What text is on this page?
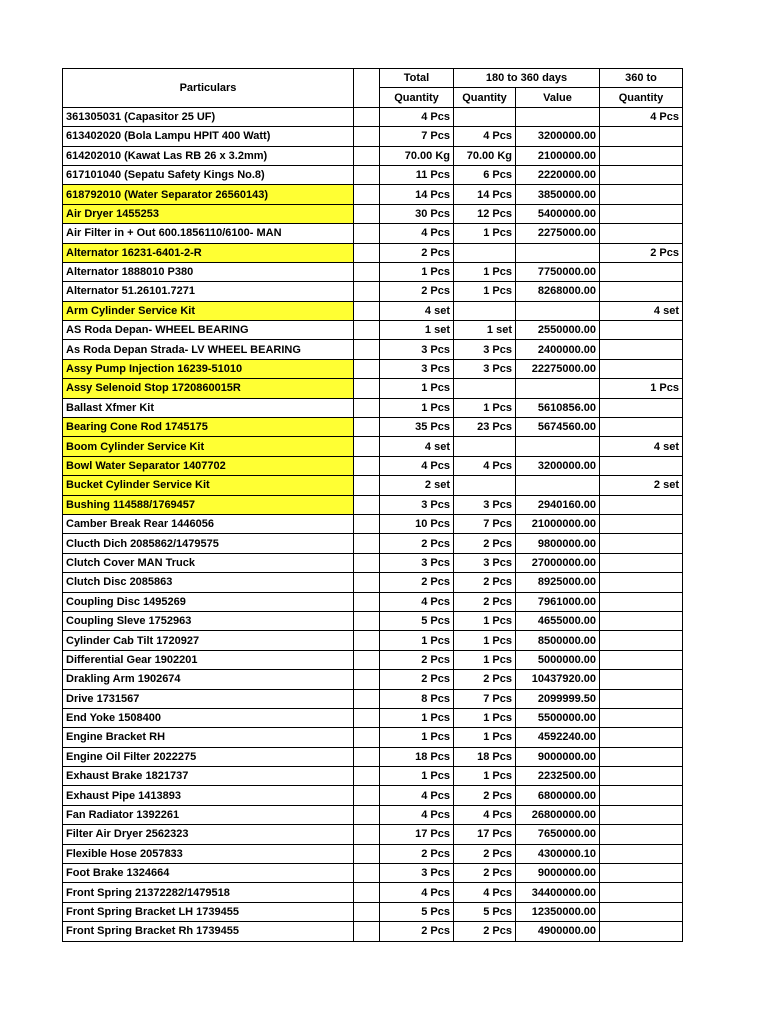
Particulars		Total	180 to 360 days		360 to
		Quantity	Quantity	Value	Quantity
361305031 (Capasitor 25 UF)		4 Pcs			4 Pcs
613402020 (Bola Lampu HPIT 400 Watt)		7 Pcs	4 Pcs	3200000.00	
614202010 (Kawat Las RB 26 x 3.2mm)		70.00 Kg	70.00 Kg	2100000.00	
617101040 (Sepatu Safety Kings No.8)		11 Pcs	6 Pcs	2220000.00	
618792010 (Water Separator 26560143)		14 Pcs	14 Pcs	3850000.00	
Air Dryer 1455253		30 Pcs	12 Pcs	5400000.00	
Air Filter in + Out 600.1856110/6100- MAN		4 Pcs	1 Pcs	2275000.00	
Alternator 16231-6401-2-R		2 Pcs			2 Pcs
Alternator 1888010 P380		1 Pcs	1 Pcs	7750000.00	
Alternator 51.26101.7271		2 Pcs	1 Pcs	8268000.00	
Arm Cylinder Service Kit		4 set			4 set
AS Roda Depan- WHEEL BEARING		1 set	1 set	2550000.00	
As Roda Depan Strada- LV WHEEL BEARING		3 Pcs	3 Pcs	2400000.00	
Assy Pump Injection 16239-51010		3 Pcs	3 Pcs	22275000.00	
Assy Selenoid Stop 1720860015R		1 Pcs			1 Pcs
Ballast Xfmer Kit		1 Pcs	1 Pcs	5610856.00	
Bearing Cone Rod 1745175		35 Pcs	23 Pcs	5674560.00	
Boom Cylinder Service Kit		4 set			4 set
Bowl Water Separator 1407702		4 Pcs	4 Pcs	3200000.00	
Bucket Cylinder Service Kit		2 set			2 set
Bushing 114588/1769457		3 Pcs	3 Pcs	2940160.00	
Camber Break Rear 1446056		10 Pcs	7 Pcs	21000000.00	
Clucth Dich 2085862/1479575		2 Pcs	2 Pcs	9800000.00	
Clutch Cover MAN Truck		3 Pcs	3 Pcs	27000000.00	
Clutch Disc 2085863		2 Pcs	2 Pcs	8925000.00	
Coupling Disc 1495269		4 Pcs	2 Pcs	7961000.00	
Coupling Sleve 1752963		5 Pcs	1 Pcs	4655000.00	
Cylinder Cab Tilt 1720927		1 Pcs	1 Pcs	8500000.00	
Differential Gear 1902201		2 Pcs	1 Pcs	5000000.00	
Drakling Arm 1902674		2 Pcs	2 Pcs	10437920.00	
Drive 1731567		8 Pcs	7 Pcs	2099999.50	
End Yoke 1508400		1 Pcs	1 Pcs	5500000.00	
Engine Bracket RH		1 Pcs	1 Pcs	4592240.00	
Engine Oil Filter 2022275		18 Pcs	18 Pcs	9000000.00	
Exhaust Brake 1821737		1 Pcs	1 Pcs	2232500.00	
Exhaust Pipe 1413893		4 Pcs	2 Pcs	6800000.00	
Fan Radiator 1392261		4 Pcs	4 Pcs	26800000.00	
Filter Air Dryer 2562323		17 Pcs	17 Pcs	7650000.00	
Flexible Hose 2057833		2 Pcs	2 Pcs	4300000.10	
Foot Brake 1324664		3 Pcs	2 Pcs	9000000.00	
Front Spring 21372282/1479518		4 Pcs	4 Pcs	34400000.00	
Front Spring Bracket LH 1739455		5 Pcs	5 Pcs	12350000.00	
Front Spring Bracket Rh 1739455		2 Pcs	2 Pcs	4900000.00	
